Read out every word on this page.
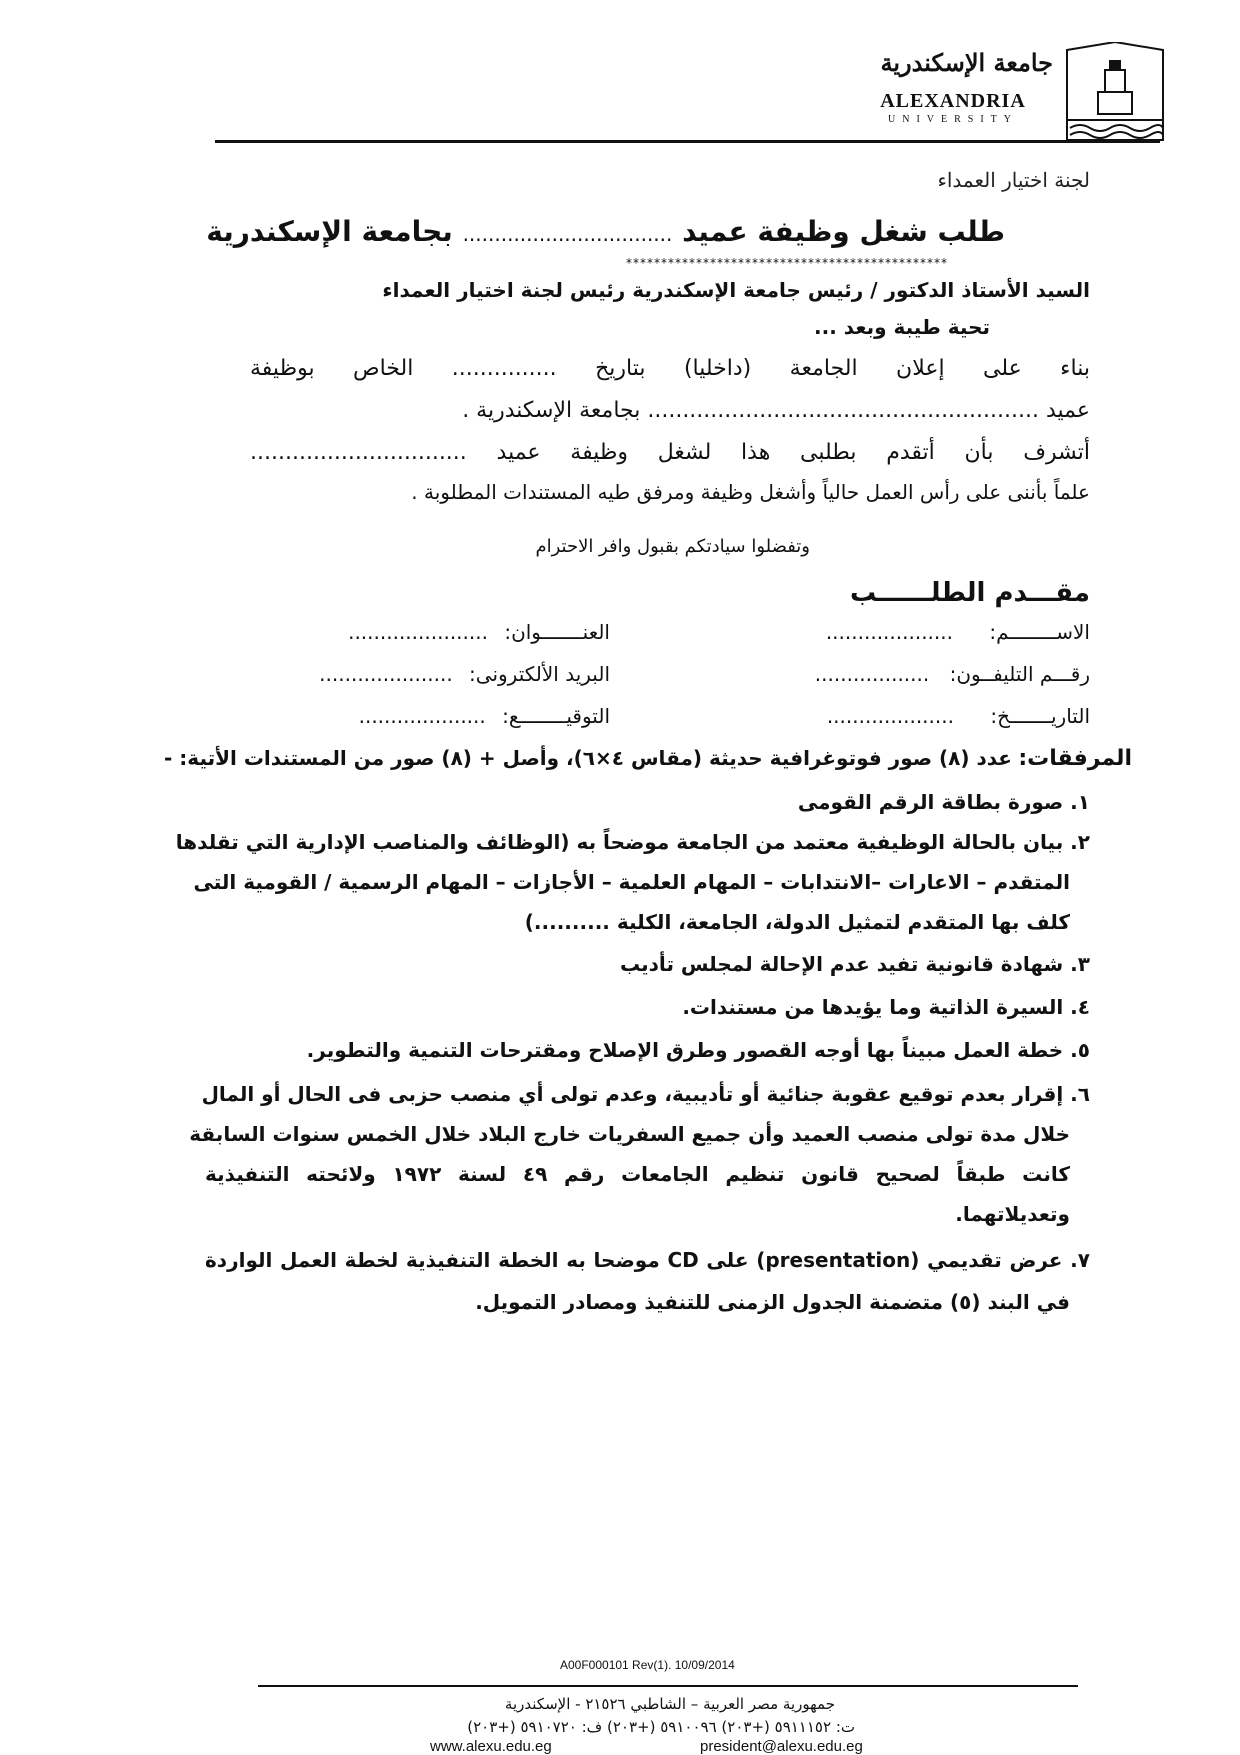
جامعة الإسكندرية
ALEXANDRIA
UNIVERSITY
لجنة اختيار العمداء
طلب شغل وظيفة عميد ................................. بجامعة الإسكندرية
**********************************************
السيد الأستاذ الدكتور / رئيس جامعة الإسكندرية رئيس لجنة اختيار العمداء
تحية طيبة وبعد ...
بناء على إعلان الجامعة (داخليا) بتاريخ ............... الخاص بوظيفة
عميد ........................................................ بجامعة الإسكندرية .
أتشرف بأن أتقدم بطلبى هذا لشغل وظيفة عميد ...............................
علماً بأننى على رأس العمل حالياً وأشغل وظيفة ومرفق طيه المستندات المطلوبة .
وتفضلوا سيادتكم بقبول وافر الاحترام
مقـــدم الطلــــــب
الاســــــــم: ....................
العنـــــــوان: ......................
رقـــم التليفــون: ..................
البريد الألكترونى: .....................
التاريـــــــخ: ....................
التوقيــــــــع: ....................
المرفقات: عدد (٨) صور فوتوغرافية حديثة (مقاس ٤×٦)، وأصل + (٨) صور من المستندات الأتية: -
١. صورة بطاقة الرقم القومى
٢. بيان بالحالة الوظيفية معتمد من الجامعة موضحاً به (الوظائف والمناصب الإدارية التي تقلدها
المتقدم – الاعارات –الانتدابات – المهام العلمية – الأجازات – المهام الرسمية / القومية التى
كلف بها المتقدم لتمثيل الدولة، الجامعة، الكلية ..........)
٣. شهادة قانونية تفيد عدم الإحالة لمجلس تأديب
٤. السيرة الذاتية وما يؤيدها من مستندات.
٥. خطة العمل مبيناً بها أوجه القصور وطرق الإصلاح ومقترحات التنمية والتطوير.
٦. إقرار بعدم توقيع عقوبة جنائية أو تأديبية، وعدم تولى أي منصب حزبى فى الحال أو المال
خلال مدة تولى منصب العميد وأن جميع السفريات خارج البلاد خلال الخمس سنوات السابقة
كانت طبقاً لصحيح قانون تنظيم الجامعات رقم ٤٩ لسنة ١٩٧٢ ولائحته التنفيذية
وتعديلاتهما.
٧. عرض تقديمي (presentation) على CD موضحا به الخطة التنفيذية لخطة العمل الواردة
في البند (٥) متضمنة الجدول الزمنى للتنفيذ ومصادر التمويل.
A00F000101 Rev(1). 10/09/2014
جمهورية مصر العربية – الشاطبي ٢١٥٢٦ - الإسكندرية
ت: ٥٩١١١٥٢ (+٢٠٣) ٥٩١٠٠٩٦ (+٢٠٣) ف: ٥٩١٠٧٢٠ (+٢٠٣)
www.alexu.edu.eg	president@alexu.edu.eg
